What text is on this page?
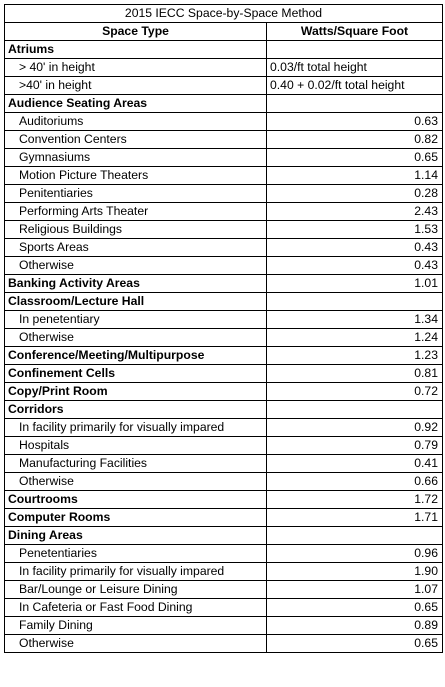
2015 IECC Space-by-Space Method	
Space Type	Watts/Square Foot
Atriums	
> 40' in height	0.03/ft total height
>40' in height	0.40 + 0.02/ft total height
Audience Seating Areas	
Auditoriums	0.63
Convention Centers	0.82
Gymnasiums	0.65
Motion Picture Theaters	1.14
Penitentiaries	0.28
Performing Arts Theater	2.43
Religious Buildings	1.53
Sports Areas	0.43
Otherwise	0.43
Banking Activity Areas	1.01
Classroom/Lecture Hall	
In penetentiary	1.34
Otherwise	1.24
Conference/Meeting/Multipurpose	1.23
Confinement Cells	0.81
Copy/Print Room	0.72
Corridors	
In facility primarily for visually impared	0.92
Hospitals	0.79
Manufacturing Facilities	0.41
Otherwise	0.66
Courtrooms	1.72
Computer Rooms	1.71
Dining Areas	
Penetentiaries	0.96
In facility primarily for visually impared	1.90
Bar/Lounge or Leisure Dining	1.07
In Cafeteria or Fast Food Dining	0.65
Family Dining	0.89
Otherwise	0.65
